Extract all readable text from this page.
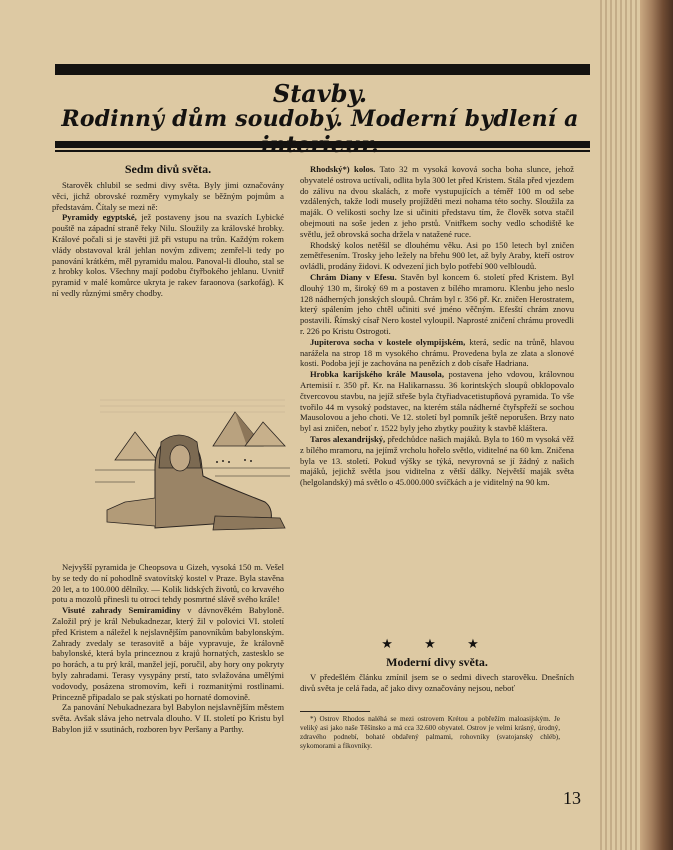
Stavby.
Rodinný dům soudobý. Moderní bydlení a
Sedm divů světa.

Starověk chlubil se sedmi divy světa. Byly jimi označovány věci, jichž obrovské rozměry vymykaly se běžným pojmům a představám. Čítaly se mezi ně:

Pyramidy egyptské, jež postaveny jsou na svazích Lybické pouště na západní straně řeky Nilu. Sloužily za královské hrobky. Králové počali si je stavěti již při vstupu na trůn. Každým rokem vlády obstavoval král jehlan novým zdivem; zemřel-li tedy po panování krátkém, měl pyramidu malou. Panoval-li dlouho, stal se z hrobky kolos. Všechny mají podobu čtyřbokého jehlanu. Uvnitř pyramid v malé komůrce ukryta je rakev faraonova (sarkofág). K ní vedly různými směry chodby.

Nejvyšší pyramida je Cheopsova u Gizeh, vysoká 150 m. Vešel by se tedy do ní pohodlně svatovítský kostel v Praze. Byla stavěna 20 let, a to 100.000 dělníky. — Kolik lidských životů, co krvavého potu a mozolů přinesli tu otroci tehdy posmrtné slávě svého krále!

Visuté zahrady Semiramidiny v dávnověkém Babyloně. Založil prý je král Nebukadnezar, který žil v polovici VI. století před Kristem a náležel k nejslavnějším panovníkům babylonským. Zahrady zvedaly se terasovitě a báje vypravuje, že královně babylonské, která byla princeznou z krajů hornatých, zastesklo se po horách, a tu prý král, manžel její, poručil, aby hory ony pokryty byly zahradami. Terasy vysypány prstí, tato svlažována umělými vodovody, posázena stromovím, keři i rozmanitými rostlinami. Princezně připadalo se pak stýskati po hornaté domovině.

Za panování Nebukadnezara byl Babylon nejslavnějším městem světa. Avšak sláva jeho netrvala dlouho. V II. století po Kristu byl Babylon již v ssutinách, rozboren byv Peršany a Parthy.

Rhodský*) kolos. Tato 32 m vysoká kovová socha boha slunce, jehož obyvatelé ostrova uctívali, odlita byla 300 let před Kristem. Stála před vjezdem do zálivu na dvou skalách, z moře vystupujících a téměř 100 m od sebe vzdálených, takže lodi musely projížděti mezi nohama této sochy. Sloužila za maják. O velikosti sochy lze si učiniti představu tím, že člověk sotva stačil obejmouti na soše jeden z jeho prstů. Vnitřkem sochy vedlo schodiště ke světlu, jež obrovská socha držela v natažené ruce.

Rhodský kolos netěšil se dlouhému věku. Asi po 150 letech byl zničen zemětřesením. Trosky jeho ležely na břehu 900 let, až byly Araby, kteří ostrov ovládli, prodány židovi. K odvezení jich bylo potřebí 900 velbloudů.

Chrám Diany v Efesu. Stavěn byl koncem 6. století před Kristem. Byl dlouhý 130 m, široký 69 m a postaven z bílého mramoru. Klenbu jeho neslo 128 nádherných jonských sloupů. Chrám byl r. 356 př. Kr. zničen Herostratem, který spálením jeho chtěl učiniti své jméno věčným. Efesští chrám znovu postavili. Římský císař Nero kostel vyloupil. Naprosté zničení chrámu provedli r. 226 po Kristu Ostrogoti.

Jupiterova socha v kostele olympijském, která, sedíc na trůně, hlavou narážela na strop 18 m vysokého chrámu. Provedena byla ze zlata a slonové kosti. Podoba její je zachována na penězích z dob císaře Hadriana.

Hrobka karijského krále Mausola, postavena jeho vdovou, královnou Artemisií r. 350 př. Kr. na Halikarnassu. 36 korintských sloupů obklopovalo čtvercovou stavbu, na jejíž střeše byla čtyřiadvacetistupňová pyramida. To vše tvořilo 44 m vysoký podstavec, na kterém stála nádherné čtyřspřeží se sochou Mausolovou a jeho choti. Ve 12. století byl pomník ještě neporušen. Brzy nato byl asi zničen, neboť r. 1522 byly jeho zbytky použity k stavbě kláštera.

Taros alexandrijský, předchůdce našich majáků. Byla to 160 m vysoká věž z bílého mramoru, na jejímž vrcholu hořelo světlo, viditelné na 60 km. Zničena byla ve 13. století. Pokud výšky se týká, nevyrovná se jí žádný z našich majáků, jejichž světla jsou viditelna z větší dálky. Největší maják světa (helgolandský) má světlo o 45.000.000 svíčkách a je viditelný na 90 km.

★ ★ ★
Moderní divy světa.

V předešlém článku zmínil jsem se o sedmi divech starověku. Dnešních divů světa je celá řada, ač jako divy označovány nejsou, neboť

*) Ostrov Rhodos naléhá se mezi ostrovem Krétou a pobřežím maloasijským. Je veliký asi jako naše Těšínsko a má cca 32.600 obyvatel. Ostrov je velmi krásný, úrodný, zdravého podnebí, bohaté obdařený palmami, rohovníky (svatojanský chléb), sykomorami a fíkovníky.

13
